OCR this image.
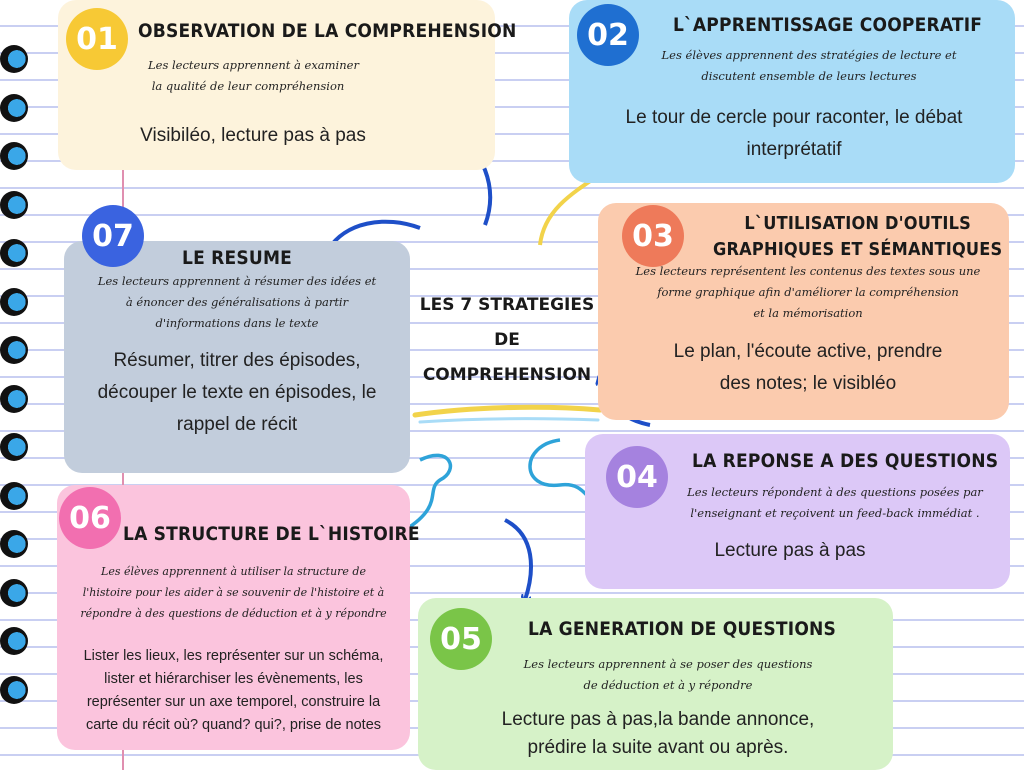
LES 7 STRATEGIES
DE
COMPREHENSION
01	OBSERVATION DE LA COMPREHENSION
Les lecteurs apprennent à examiner
la qualité de leur compréhension
Visibiléo, lecture pas à pas
02	L`APPRENTISSAGE COOPERATIF
Les élèves apprennent des stratégies de lecture et
discutent ensemble de leurs lectures
Le tour de cercle pour raconter, le débat
interprétatif
03	L`UTILISATION D'OUTILS
GRAPHIQUES ET SÉMANTIQUES
Les lecteurs représentent les contenus des textes sous une
forme graphique afin d'améliorer la compréhension
et la mémorisation
Le plan, l'écoute active, prendre
des notes; le visibléo
04	LA REPONSE A DES QUESTIONS
Les lecteurs répondent à des questions posées par
l'enseignant et reçoivent un feed-back immédiat .
Lecture pas à pas
05	LA GENERATION DE QUESTIONS
Les lecteurs apprennent à se poser des questions
de déduction et à y répondre
Lecture pas à pas,la bande annonce,
prédire la suite avant ou après.
06 LA STRUCTURE DE L`HISTOIRE
Les élèves apprennent à utiliser la structure de
l'histoire pour les aider à se souvenir de l'histoire et à
répondre à des questions de déduction et à y répondre
Lister les lieux, les représenter sur un schéma,
lister et hiérarchiser les évènements, les
représenter sur un axe temporel, construire la
carte du récit où? quand? qui?, prise de notes
07
LE RESUME
Les lecteurs apprennent à résumer des idées et
à énoncer des généralisations à partir
d'informations dans le texte
Résumer, titrer des épisodes,
découper le texte en épisodes, le
rappel de récit
